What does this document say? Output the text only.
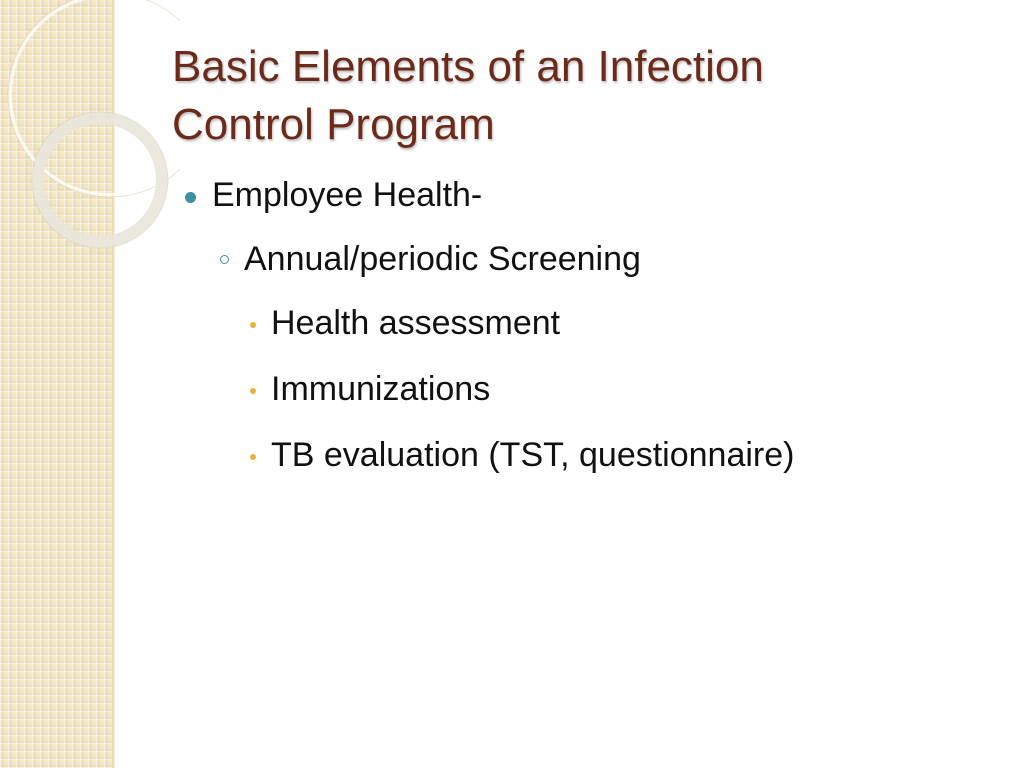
Basic Elements of an Infection
Control Program
Employee Health-
Annual/periodic Screening
Health assessment
Immunizations
TB evaluation (TST, questionnaire)
